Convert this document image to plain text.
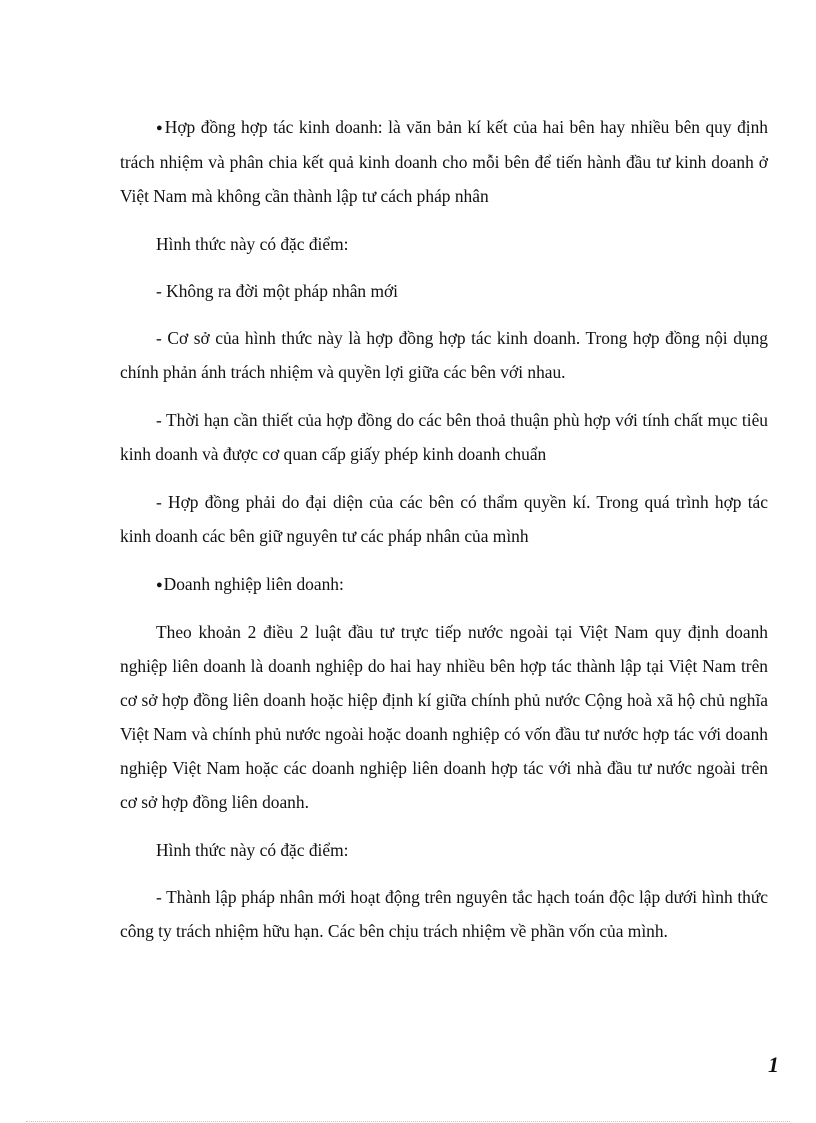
●Hợp đồng hợp tác kinh doanh: là văn bản kí kết của hai bên hay nhiều bên quy định trách nhiệm và phân chia kết quả kinh doanh cho mỗi bên để tiến hành đầu tư kinh doanh ở Việt Nam mà không cần thành lập tư cách pháp nhân

Hình thức này có đặc điểm:

- Không ra đời một pháp nhân mới

- Cơ sở của hình thức này là hợp đồng hợp tác kinh doanh. Trong hợp đồng nội dụng chính phản ánh trách nhiệm và quyền lợi giữa các bên với nhau.

- Thời hạn cần thiết của hợp đồng do các bên thoả thuận phù hợp với tính chất mục tiêu kinh doanh và được cơ quan cấp giấy phép kinh doanh chuẩn

- Hợp đồng phải do đại diện của các bên có thẩm quyền kí. Trong quá trình hợp tác kinh doanh các bên giữ nguyên tư các pháp nhân của mình

●Doanh nghiệp liên doanh:

Theo khoản 2 điều 2 luật đầu tư trực tiếp nước ngoài tại Việt Nam quy định doanh nghiệp liên doanh là doanh nghiệp do hai hay nhiều bên hợp tác thành lập tại Việt Nam trên cơ sở hợp đồng liên doanh hoặc hiệp định kí giữa chính phủ nước Cộng hoà xã hộ chủ nghĩa Việt Nam và chính phủ nước ngoài hoặc doanh nghiệp có vốn đầu tư nước hợp tác với doanh nghiệp Việt Nam hoặc các doanh nghiệp liên doanh hợp tác với nhà đầu tư nước ngoài trên cơ sở hợp đồng liên doanh.

Hình thức này có đặc điểm:

- Thành lập pháp nhân mới hoạt động trên nguyên tắc hạch toán độc lập dưới hình thức công ty trách nhiệm hữu hạn. Các bên chịu trách nhiệm về phần vốn của mình.

1
